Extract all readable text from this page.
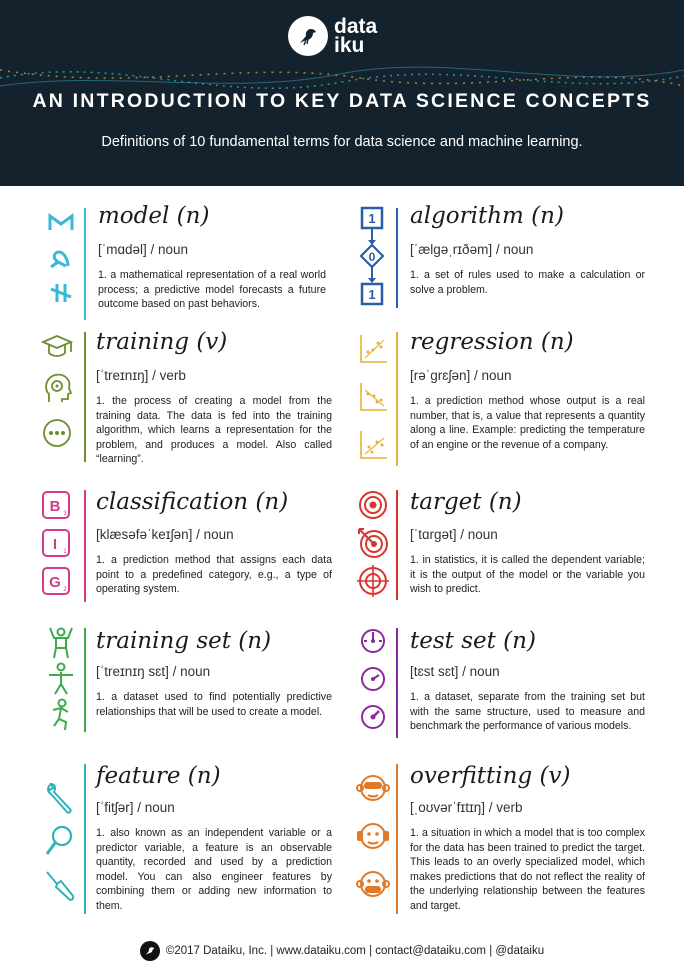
data
iku
AN INTRODUCTION TO KEY DATA SCIENCE CONCEPTS
Definitions of 10 fundamental terms for data science and machine learning.
model (n)
[ˈmɑdəl] / noun
1. a mathematical representation of a real world process; a predictive model forecasts a future outcome based on past behaviors.
1
0
1
algorithm (n)
[ˈælgəˌrɪðəm] / noun
1. a set of rules used to make a calculation or solve a problem.
training (v)
[ˈtreɪnɪŋ] / verb
1. the process of creating a model from the training data. The data is fed into the training algorithm, which learns a representation for the problem, and produces a model. Also called “learning”.
regression (n)
[rəˈgrɛʃən] / noun
1. a prediction method whose output is a real number, that is, a value that represents a quantity along a line. Example: predicting the temperature of an engine or the revenue of a company.
B 3
I 1
G 2
classification (n)
[klæsəfəˈkeɪʃən] / noun
1. a prediction method that assigns each data point to a predefined category, e.g., a type of operating system.
target (n)
[ˈtɑrgət] / noun
1. in statistics, it is called the dependent variable; it is the output of the model or the variable you wish to predict.
training set (n)
[ˈtreɪnɪŋ sɛt] / noun
1. a dataset used to find potentially predictive relationships that will be used to create a model.
test set (n)
[tɛst sɛt] / noun
1. a dataset, separate from the training set but with the same structure, used to measure and benchmark the performance of various models.
feature (n)
[ˈfitʃər] / noun
1. also known as an independent variable or a predictor variable, a feature is an observable quantity, recorded and used by a prediction model. You can also engineer features by combining them or adding new information to them.
overfitting (v)
[ˌoʊvərˈfɪtɪŋ] / verb
1. a situation in which a model that is too complex for the data has been trained to predict the target. This leads to an overly specialized model, which makes predictions that do not reflect the reality of the underlying relationship between the features and target.
©2017 Dataiku, Inc. | www.dataiku.com | contact@dataiku.com | @dataiku
